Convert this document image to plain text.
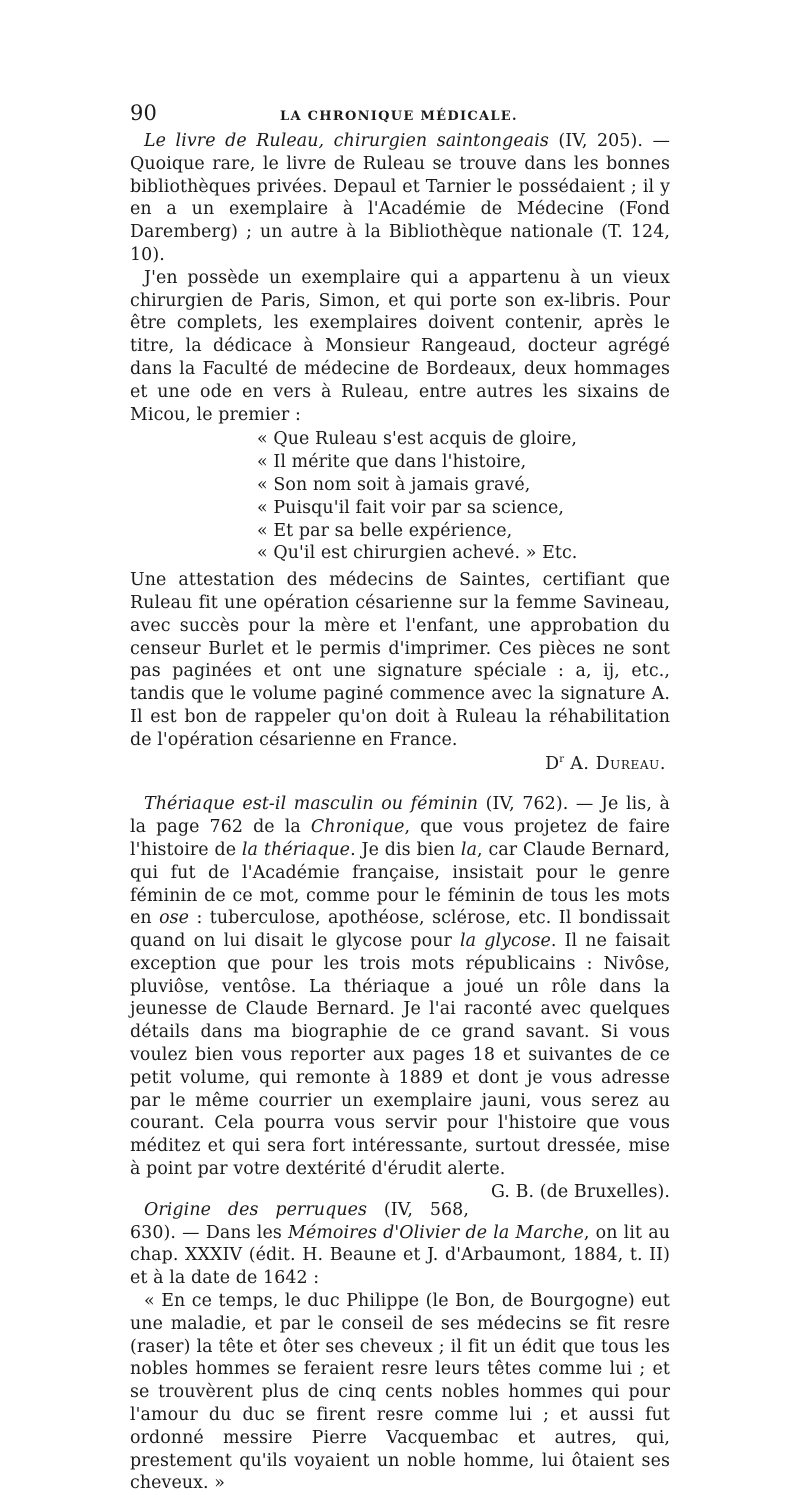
90	LA CHRONIQUE MÉDICALE.

Le livre de Ruleau, chirurgien saintongeais (IV, 205). — Quoique rare, le livre de Ruleau se trouve dans les bonnes bibliothèques privées. Depaul et Tarnier le possédaient ; il y en a un exemplaire à l'Académie de Médecine (Fond Daremberg) ; un autre à la Bibliothèque nationale (T. 124, 10).

J'en possède un exemplaire qui a appartenu à un vieux chirurgien de Paris, Simon, et qui porte son ex-libris. Pour être complets, les exemplaires doivent contenir, après le titre, la dédicace à Monsieur Rangeaud, docteur agrégé dans la Faculté de médecine de Bordeaux, deux hommages et une ode en vers à Ruleau, entre autres les sixains de Micou, le premier :

« Que Ruleau s'est acquis de gloire,
« Il mérite que dans l'histoire,
« Son nom soit à jamais gravé,
« Puisqu'il fait voir par sa science,
« Et par sa belle expérience,
« Qu'il est chirurgien achevé. » Etc.

Une attestation des médecins de Saintes, certifiant que Ruleau fit une opération césarienne sur la femme Savineau, avec succès pour la mère et l'enfant, une approbation du censeur Burlet et le permis d'imprimer. Ces pièces ne sont pas paginées et ont une signature spéciale : a, ij, etc., tandis que le volume paginé commence avec la signature A. Il est bon de rappeler qu'on doit à Ruleau la réhabilitation de l'opération césarienne en France.

$D^r$ A. Dureau.

Thériaque est-il masculin ou féminin (IV, 762). — Je lis, à la page 762 de la Chronique, que vous projetez de faire l'histoire de la thériaque. Je dis bien la, car Claude Bernard, qui fut de l'Académie française, insistait pour le genre féminin de ce mot, comme pour le féminin de tous les mots en ose : tuberculose, apothéose, sclérose, etc. Il bondissait quand on lui disait le glycose pour la glycose. Il ne faisait exception que pour les trois mots républicains : Nivôse, pluviôse, ventôse. La thériaque a joué un rôle dans la jeunesse de Claude Bernard. Je l'ai raconté avec quelques détails dans ma biographie de ce grand savant. Si vous voulez bien vous reporter aux pages 18 et suivantes de ce petit volume, qui remonte à 1889 et dont je vous adresse par le même courrier un exemplaire jauni, vous serez au courant. Cela pourra vous servir pour l'histoire que vous méditez et qui sera fort intéressante, surtout dressée, mise à point par votre dextérité d'érudit alerte.
G. B. (de Bruxelles).

Origine des perruques (IV, 568, 630). — Dans les Mémoires d'Olivier de la Marche, on lit au chap. XXXIV (édit. H. Beaune et J. d'Arbaumont, 1884, t. II) et à la date de 1642 :

« En ce temps, le duc Philippe (le Bon, de Bourgogne) eut une maladie, et par le conseil de ses médecins se fit resre (raser) la tête et ôter ses cheveux ; il fit un édit que tous les nobles hommes se feraient resre leurs têtes comme lui ; et se trouvèrent plus de cinq cents nobles hommes qui pour l'amour du duc se firent resre comme lui ; et aussi fut ordonné messire Pierre Vacquembac et autres, qui, prestement qu'ils voyaient un noble homme, lui ôtaient ses cheveux. »
